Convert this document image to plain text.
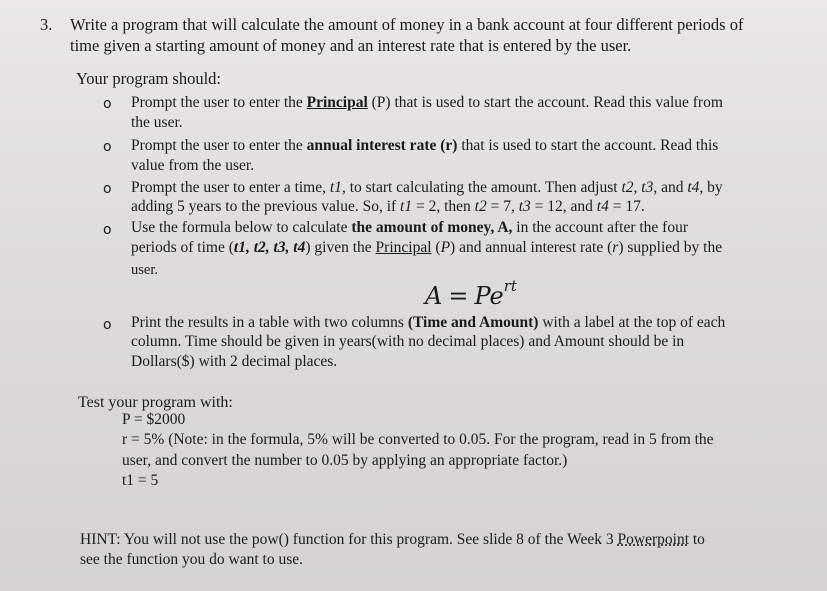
3. Write a program that will calculate the amount of money in a bank account at four different periods of
time given a starting amount of money and an interest rate that is entered by the user.
Your program should:
o Prompt the user to enter the Principal (P) that is used to start the account. Read this value from
the user.
o Prompt the user to enter the annual interest rate (r) that is used to start the account. Read this
value from the user.
o Prompt the user to enter a time, t1, to start calculating the amount. Then adjust t2, t3, and t4, by
adding 5 years to the previous value. So, if t1 = 2, then t2 = 7, t3 = 12, and t4 = 17.
o Use the formula below to calculate the amount of money, A, in the account after the four
periods of time (t1, t2, t3, t4) given the Principal (P) and annual interest rate (r) supplied by the
user.
$A = Pe^{rt}$
o Print the results in a table with two columns (Time and Amount) with a label at the top of each
column. Time should be given in years(with no decimal places) and Amount should be in
Dollars($) with 2 decimal places.
Test your program with:
P = $2000
r = 5% (Note: in the formula, 5% will be converted to 0.05. For the program, read in 5 from the
user, and convert the number to 0.05 by applying an appropriate factor.)
t1 = 5
HINT: You will not use the pow() function for this program. See slide 8 of the Week 3 Powerpoint to
see the function you do want to use.
